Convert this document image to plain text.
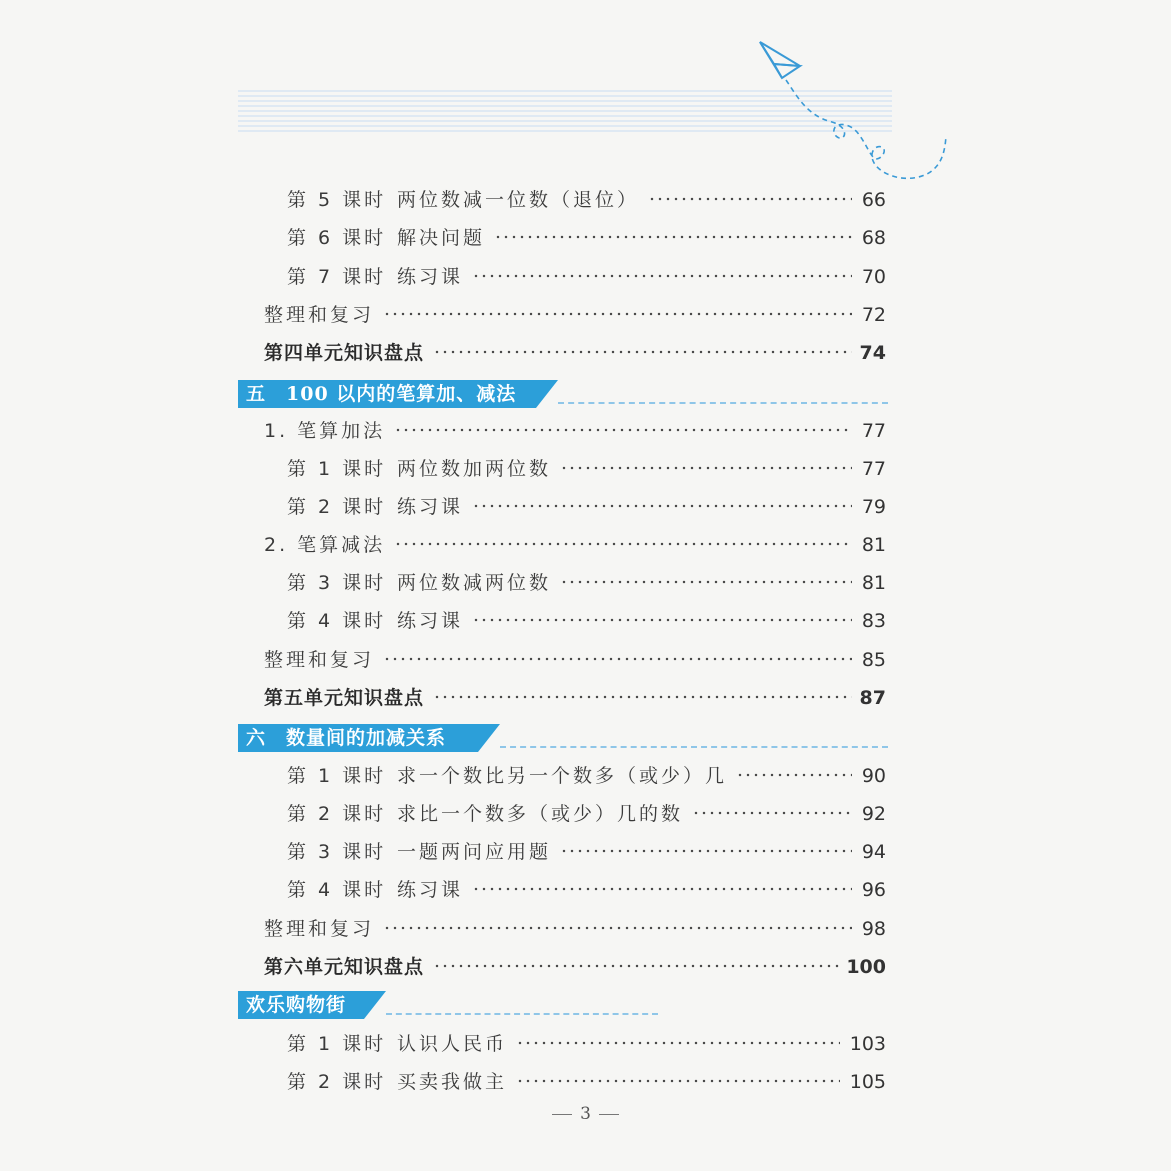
第 5 课时 两位数减一位数（退位）	66
第 6 课时 解决问题	68
第 7 课时 练习课	70
整理和复习	72
第四单元知识盘点	74
1. 笔算加法	77
第 1 课时 两位数加两位数	77
第 2 课时 练习课	79
2. 笔算减法	81
第 3 课时 两位数减两位数	81
第 4 课时 练习课	83
整理和复习	85
第五单元知识盘点	87
第 1 课时 求一个数比另一个数多（或少）几	90
第 2 课时 求比一个数多（或少）几的数	92
第 3 课时 一题两问应用题	94
第 4 课时 练习课	96
整理和复习	98
第六单元知识盘点	100
第 1 课时 认识人民币	103
第 2 课时 买卖我做主	105
五　100 以内的笔算加、减法
六　数量间的加减关系
欢乐购物街
3
